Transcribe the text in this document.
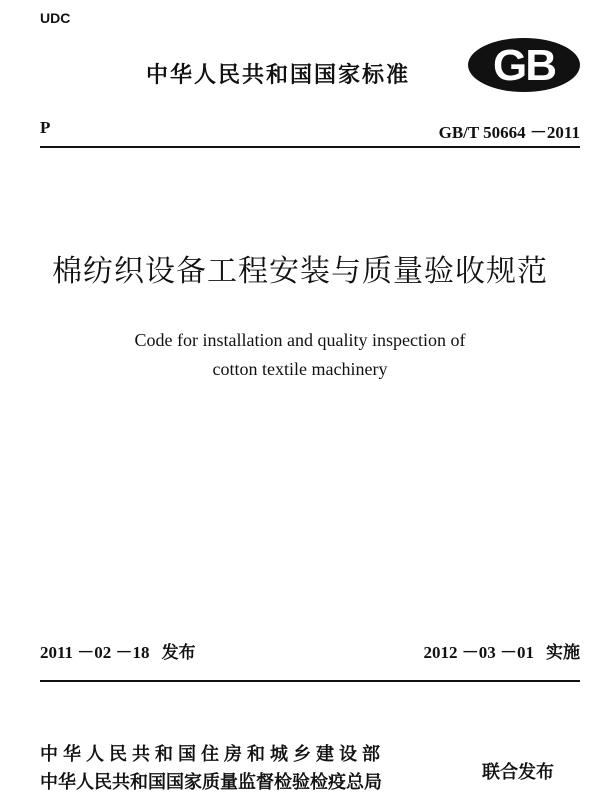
UDC
中华人民共和国国家标准 GB
P	GB/T 50664 －2011
棉纺织设备工程安装与质量验收规范
Code for installation and quality inspection of
cotton textile machinery
2011 －02 －18 发布	2012 －03 －01 实施
中华人民共和国住房和城乡建设部
中华人民共和国国家质量监督检验检疫总局	联合发布
